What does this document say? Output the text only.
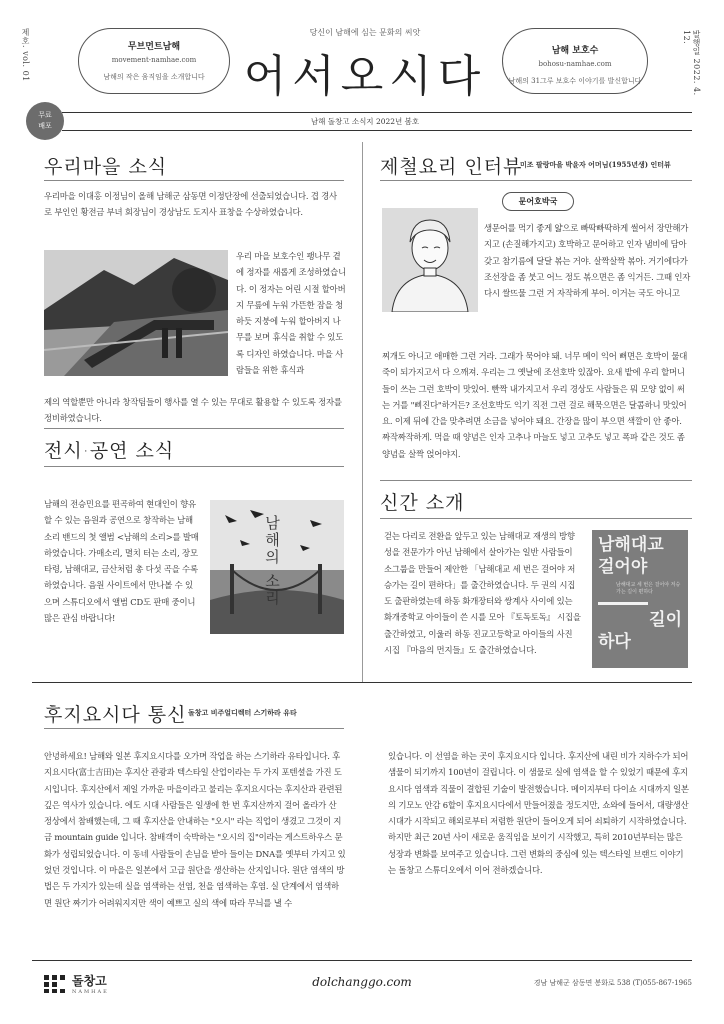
제호. vol. 01	발행일 2022. 4. 12.
무브먼트남해
movement-namhae.com
남해의 작은 움직임을 소개합니다
남해 보호수
bohosu-namhae.com
남해의 31그루 보호수 이야기를 발신합니다
당신이 남해에 심는 문화의 씨앗
어서오시다
무료
배포	남해 돌창고 소식지 2022년 봄호
우리마을 소식
우리마을 이대홍 이정님이 올해 남해군 삼동면 이정단장에 선출되었습니다. 겹 경사로 부인인 황전금 부녀 회장님이 경상남도 도지사 표창을 수상하였습니다.
우리 마을 보호수인 팽나무 곁에 정자를 새롭게 조성하였습니다. 이 정자는 어린 시절 할아버지 무릎에 누워 가뜬한 잠을 청하듯 지붕에 누워 할아버지 나무를 보며 휴식을 취할 수 있도록 디자인 하였습니다. 마을 사람들을 위한 휴식과
제의 역할뿐만 아니라 창작팀들이 행사를 열 수 있는 무대로 활용할 수 있도록 정자를 정비하였습니다.
전시·공연 소식
남해의 전승민요를 편곡하여 현대인이 향유할 수 있는 음원과 공연으로 창작하는 남해소리 밴드의 첫 앨범 <남해의 소리>를 발매하였습니다. 가매소리, 멸치 터는 소리, 장모타령, 남해대교, 금산처럼 총 다섯 곡을 수록하였습니다. 음원 사이트에서 만나볼 수 있으며 스튜디오에서 앨범 CD도 판매 중이니 많은 관심 바랍니다!
남해의 소리
제철요리 인터뷰
미조 팔랑마을 박윤자 어머님(1955년생) 인터뷰
문어호박국
생문어를 먹기 좋게 얇으로 빠딱빠딱하게 썰어서 장만해가지고 (손질해가지고) 호박하고 문어하고 인자 냄비에 담아 갖고 참기름에 달달 볶는 거야. 살짝살짝 볶아. 거기에다가 조선장을 좀 붓고 어느 정도 볶으면은 좀 익거든. 그때 인자 다시 쌀뜨물 그런 거 자작하게 부어. 이거는 국도 아니고
찌개도 아니고 애매한 그런 거라. 그래가 묵어야 돼. 너무 메이 익어 뻐면은 호박이 물대죽이 되가지고서 다 으깨져. 우리는 그 옛날에 조선호박 있잖아. 요새 밭에 우리 할머니들이 쓰는 그런 호박이 맛있어. 빤짝 내가지고서 우리 경상도 사람들은 뭐 모양 없이 써는 거를 "삐진다"하거든? 조선호박도 익기 직전 그런 걸로 해묵으면은 달콤하니 맛있어요. 이제 뒤에 간을 맞추려면 소금을 넣어야 돼요. 간장을 많이 부으면 색깔이 안 좋아. 짜작짜작하게. 먹을 때 양념은 인자 고추나 마늘도 넣고 고추도 넣고 폭파 같은 것도 좀 양념을 살짝 얹어야지.
신간 소개
걷는 다리로 전환을 앞두고 있는 남해대교 재생의 방향성을 전문가가 아닌 남해에서 살아가는 일반 사람들이 소그룹을 만들어 제안한 「남해대교 세 번은 걸어야 저승가는 길이 편하다」를 출간하였습니다. 두 권의 시집도 출판하였는데 하동 화개장터와 쌍계사 사이에 있는 화개중학교 아이들이 쓴 시를 모아 『토독토독』 시집을 출간하였고, 이울러 하동 진교고등학교 아이들의 사진 시집 『마음의 먼지들』도 출간하였습니다.
남해대교
걸어야
남해대교 세 번은 걸어야 저승 가는 길이 편하다
길이
하다
후지요시다 통신 돌창고 비주얼디렉터 스기하라 유타
안녕하세요! 남해와 일본 후지요시다를 오가며 작업을 하는 스기하라 유타입니다. 후지요시다(富士吉田)는 후지산 관광과 텍스타일 산업이라는 두 가지 포텐셜을 가진 도시입니다. 후지산에서 제일 가까운 마을이라고 불리는 후지요시다는 후지산과 관련된 깊은 역사가 있습니다. 에도 시대 사람들은 일생에 한 번 후지산까지 걸어 올라가 산 정상에서 참배했는데, 그 때 후지산을 안내하는 "오시" 라는 직업이 생겼고 그것이 지금 mountain guide 입니다. 참배객이 숙박하는 "오시의 집"이라는 게스트하우스 문화가 성립되었습니다. 이 동네 사람들이 손님을 받아 들이는 DNA를 옛부터 가지고 있었던 것입니다. 이 마을은 일본에서 고급 원단을 생산하는 산지입니다. 원단 염색의 방법은 두 가지가 있는데 실을 염색하는 선염, 천을 염색하는 후염. 실 단계에서 염색하면 원단 짜기가 어려워지지만 색이 예쁘고 실의 색에 따라 무늬를 낼 수
있습니다. 이 선염을 하는 곳이 후지요시다 입니다. 후지산에 내린 비가 지하수가 되어 샘물이 되기까지 100년이 걸립니다. 이 샘물로 실에 염색을 할 수 있었기 때문에 후지요시다 염색과 직물이 결합된 기술이 발전했습니다. 메이지부터 다이쇼 시대까지 일본의 기모노 안감 6할이 후지요시다에서 만들어졌을 정도지만, 쇼와에 들어서, 대량생산 시대가 시작되고 해외로부터 저렴한 원단이 들어오게 되어 쇠퇴하기 시작하였습니다. 하지만 최근 20년 사이 새로운 움직임을 보이기 시작했고, 특히 2010년부터는 많은 성장과 변화를 보여주고 있습니다. 그런 변화의 중심에 있는 텍스타일 브랜드 이야기는 돌창고 스튜디오에서 이어 전하겠습니다.
돌창고
NAMHAE
dolchanggo.com	경남 남해군 삼동면 봉화로 538 (T)055-867-1965
